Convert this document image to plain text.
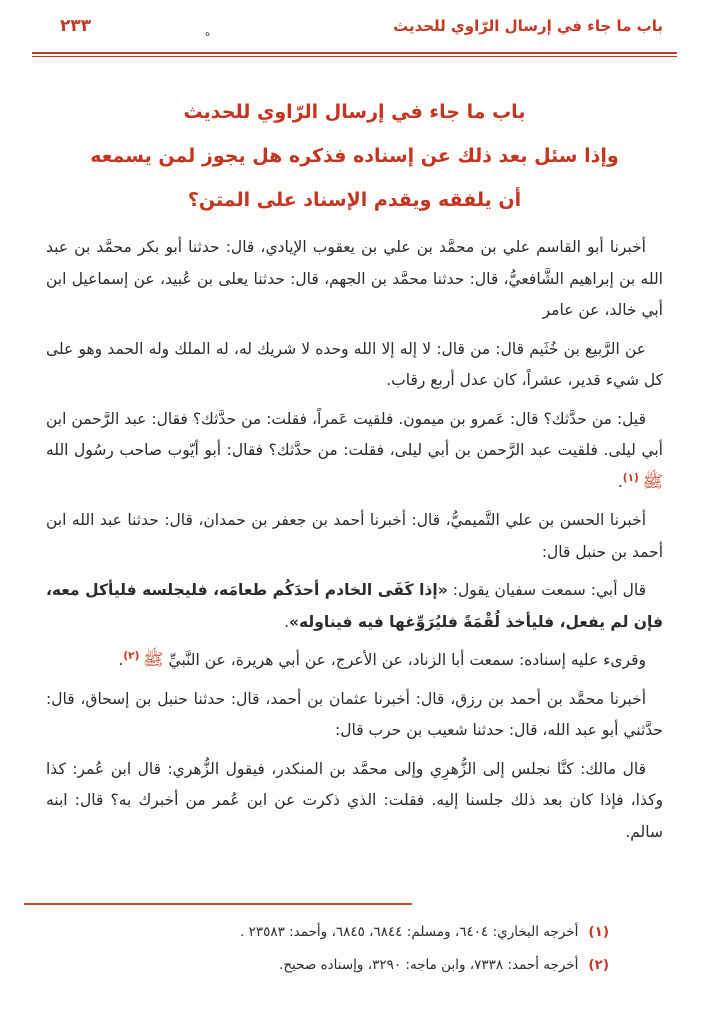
باب ما جاء في إرسال الرّاوي للحديث
٢٣٣	ه
باب ما جاء في إرسال الرّاوي للحديث
وإذا سئل بعد ذلك عن إسناده فذكره هل يجوز لمن يسمعه
أن يلفقه ويقدم الإسناد على المتن؟

أخبرنا أبو القاسم علي بن محمَّد بن علي بن يعقوب الإيادي، قال: حدثنا أبو بكر محمَّد بن عبد الله بن إبراهيم الشَّافعيُّ، قال: حدثنا محمَّد بن الجهم، قال: حدثنا يعلى بن عُبيد، عن إسماعيل ابن أبي خالد، عن عامر

عن الرَّبيع بن خُثَيم قال: من قال: لا إله إلا الله وحده لا شريك له، له الملك وله الحمد وهو على كل شيء قدير، عشراً، كان عدل أربع رقاب.

قيل: من حدَّثك؟ قال: عَمرو بن ميمون. فلقيت عَمراً، فقلت: من حدَّثك؟ فقال: عبد الرَّحمن ابن أبي ليلى. فلقيت عبد الرَّحمن بن أبي ليلى، فقلت: من حدَّثك؟ فقال: أبو أيّوب صاحب رسُول الله ﷺ $^{(١)}$.

أخبرنا الحسن بن علي التَّميميُّ، قال: أخبرنا أحمد بن جعفر بن حمدان، قال: حدثنا عبد الله ابن أحمد بن حنبل قال:

قال أبي: سمعت سفيان يقول: «إذا كَفَى الخادم أحدَكُم طعامَه، فليجلسه فليأكل معه، فإن لم يفعل، فليأخذ لُقْمَةً فليُرَوِّغها فيه فيناوله».

وقرىء عليه إسناده: سمعت أبا الزناد، عن الأعرج، عن أبي هريرة، عن النَّبيِّ ﷺ $^{(٢)}$.

أخبرنا محمَّد بن أحمد بن رزق، قال: أخبرنا عثمان بن أحمد، قال: حدثنا حنبل بن إسحاق، قال: حدَّثني أبو عبد الله، قال: حدثنا شعيب بن حرب قال:

قال مالك: كنَّا نجلس إلى الزُّهرِي وإلى محمَّد بن المنكدر، فيقول الزُّهري: قال ابن عُمر: كذا وكذا، فإذا كان بعد ذلك جلسنا إليه. فقلت: الذي ذكرت عن ابن عُمر من أخبرك به؟ قال: ابنه سالم.

(١)
أخرجه البخاري: ٦٤٠٤، ومسلم: ٦٨٤٤، ٦٨٤٥، وأحمد: ٢٣٥٨٣ .
(٢)
أخرجه أحمد: ٧٣٣٨، وابن ماجه: ٣٢٩٠، وإسناده صحيح.
